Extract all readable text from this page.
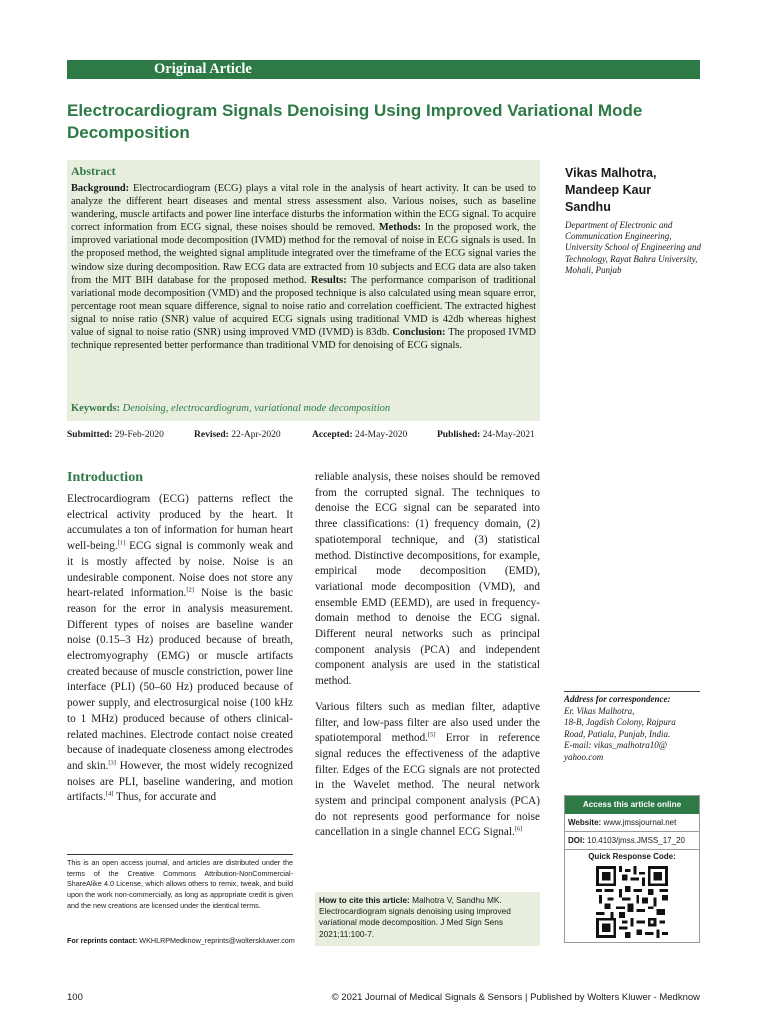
Original Article
Electrocardiogram Signals Denoising Using Improved Variational Mode
Decomposition
Abstract
Background: Electrocardiogram (ECG) plays a vital role in the analysis of heart activity. It can be used to analyze the different heart diseases and mental stress assessment also. Various noises, such as baseline wandering, muscle artifacts and power line interface disturbs the information within the ECG signal. To acquire correct information from ECG signal, these noises should be removed. Methods: In the proposed work, the improved variational mode decomposition (IVMD) method for the removal of noise in ECG signals is used. In the proposed method, the weighted signal amplitude integrated over the timeframe of the ECG signal varies the window size during decomposition. Raw ECG data are extracted from 10 subjects and ECG data are also taken from the MIT BIH database for the proposed method. Results: The performance comparison of traditional variational mode decomposition (VMD) and the proposed technique is also calculated using mean square error, percentage root mean square difference, signal to noise ratio and correlation coefficient. The extracted highest signal to noise ratio (SNR) value of acquired ECG signals using traditional VMD is 42db whereas highest value of signal to noise ratio (SNR) using improved VMD (IVMD) is 83db. Conclusion: The proposed IVMD technique represented better performance than traditional VMD for denoising of ECG signals.
Keywords: Denoising, electrocardiogram, variational mode decomposition
Vikas Malhotra,
Mandeep Kaur
Sandhu
Department of Electronic and Communication Engineering, University School of Engineering and Technology, Rayat Bahra University, Mohali, Punjab
Submitted: 29-Feb-2020	Revised: 22-Apr-2020	Accepted: 24-May-2020	Published: 24-May-2021
Introduction

Electrocardiogram (ECG) patterns reflect the electrical activity produced by the heart. It accumulates a ton of information for human heart well-being.[1] ECG signal is commonly weak and it is mostly affected by noise. Noise is an undesirable component. Noise does not store any heart-related information.[2] Noise is the basic reason for the error in analysis measurement. Different types of noises are baseline wander noise (0.15–3 Hz) produced because of breath, electromyography (EMG) or muscle artifacts created because of muscle constriction, power line interface (PLI) (50–60 Hz) produced because of power supply, and electrosurgical noise (100 kHz to 1 MHz) produced because of others clinical-related machines. Electrode contact noise created because of inadequate closeness among electrodes and skin.[3] However, the most widely recognized noises are PLI, baseline wandering, and motion artifacts.[4] Thus, for accurate and

reliable analysis, these noises should be removed from the corrupted signal. The techniques to denoise the ECG signal can be separated into three classifications: (1) frequency domain, (2) spatiotemporal technique, and (3) statistical method. Distinctive decompositions, for example, empirical mode decomposition (EMD), variational mode decomposition (VMD), and ensemble EMD (EEMD), are used in frequency-domain method to denoise the ECG signal. Different neural networks such as principal component analysis (PCA) and independent component analysis are used in the statistical method.

Various filters such as median filter, adaptive filter, and low-pass filter are also used under the spatiotemporal method.[5] Error in reference signal reduces the effectiveness of the adaptive filter. Edges of the ECG signals are not protected in the Wavelet method. The neural network system and principal component analysis (PCA) do not represents good performance for noise cancellation in a single channel ECG Signal.[6]

This is an open access journal, and articles are distributed under the terms of the Creative Commons Attribution-NonCommercial-ShareAlike 4.0 License, which allows others to remix, tweak, and build upon the work non-commercially, as long as appropriate credit is given and the new creations are licensed under the identical terms.
For reprints contact: WKHLRPMedknow_reprints@wolterskluwer.com
How to cite this article: Malhotra V, Sandhu MK. Electrocardiogram signals denoising using improved variational mode decomposition. J Med Sign Sens 2021;11:100-7.
Address for correspondence:
Er. Vikas Malhotra,
18-B, Jagdish Colony, Rajpura
Road, Patiala, Punjab, India.
E-mail: vikas_malhotra10@
yahoo.com
Access this article online
Website: www.jmssjournal.net
DOI: 10.4103/jmss.JMSS_17_20
Quick Response Code:
100	© 2021 Journal of Medical Signals & Sensors | Published by Wolters Kluwer - Medknow
